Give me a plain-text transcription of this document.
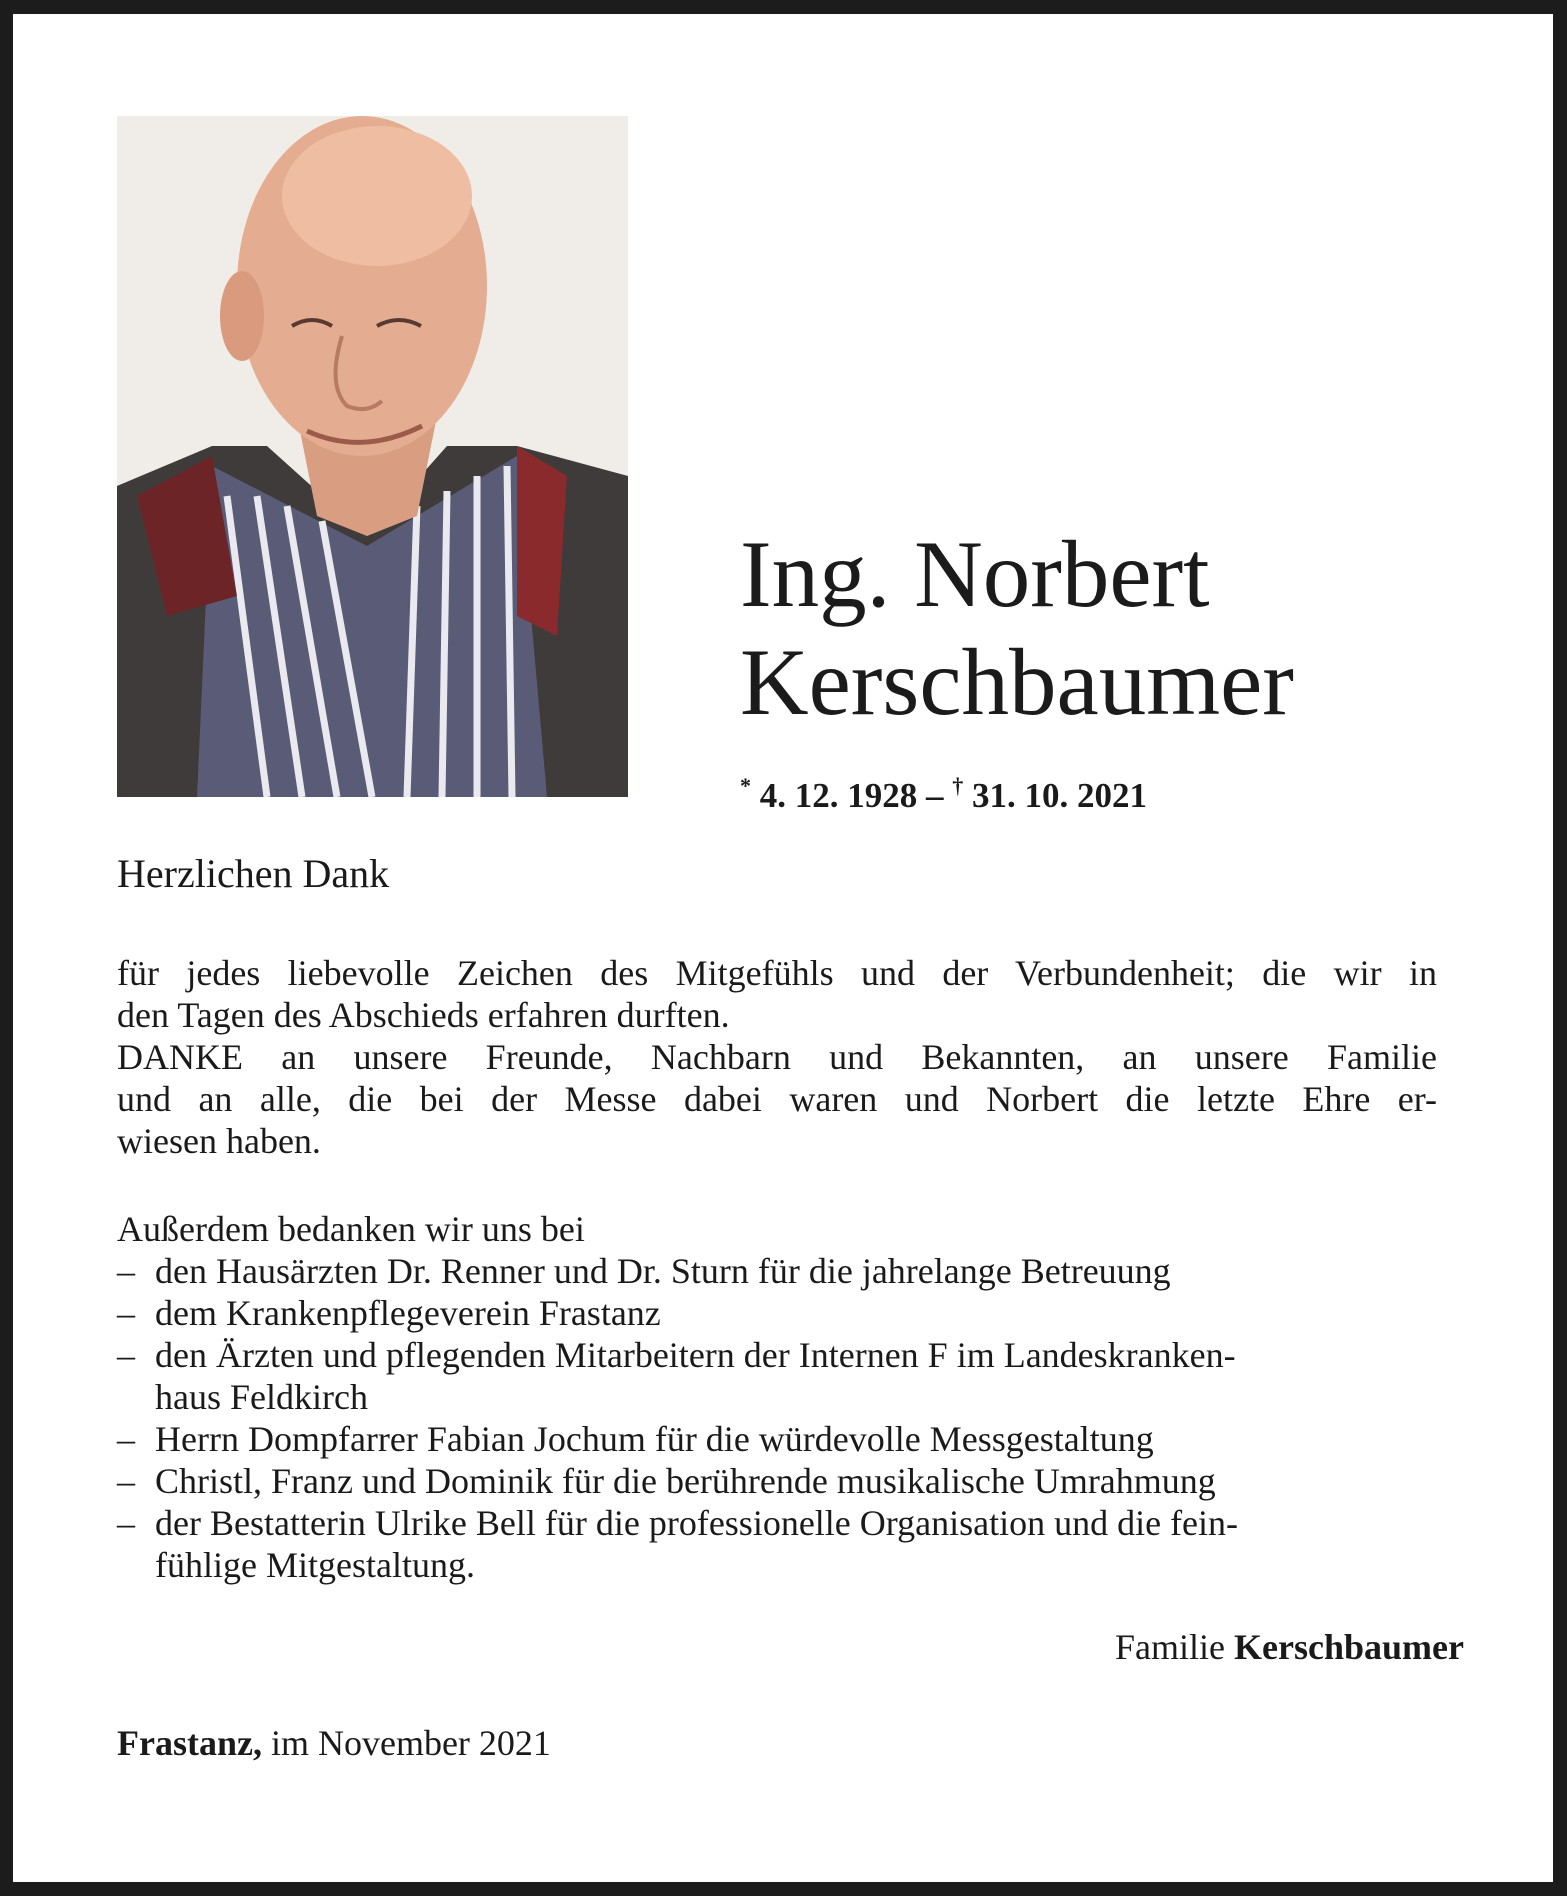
Ing. Norbert
Kerschbaumer
* 4. 12. 1928 – † 31. 10. 2021
Herzlichen Dank
für jedes liebevolle Zeichen des Mitgefühls und der Verbundenheit; die wir in
den Tagen des Abschieds erfahren durften.
DANKE an unsere Freunde, Nachbarn und Bekannten, an unsere Familie
und an alle, die bei der Messe dabei waren und Norbert die letzte Ehre er-
wiesen haben.
Außerdem bedanken wir uns bei
– den Hausärzten Dr. Renner und Dr. Sturn für die jahrelange Betreuung
– dem Krankenpflegeverein Frastanz
– den Ärzten und pflegenden Mitarbeitern der Internen F im Landeskranken-
haus Feldkirch
– Herrn Dompfarrer Fabian Jochum für die würdevolle Messgestaltung
– Christl, Franz und Dominik für die berührende musikalische Umrahmung
– der Bestatterin Ulrike Bell für die professionelle Organisation und die fein-
fühlige Mitgestaltung.
Familie Kerschbaumer
Frastanz, im November 2021
